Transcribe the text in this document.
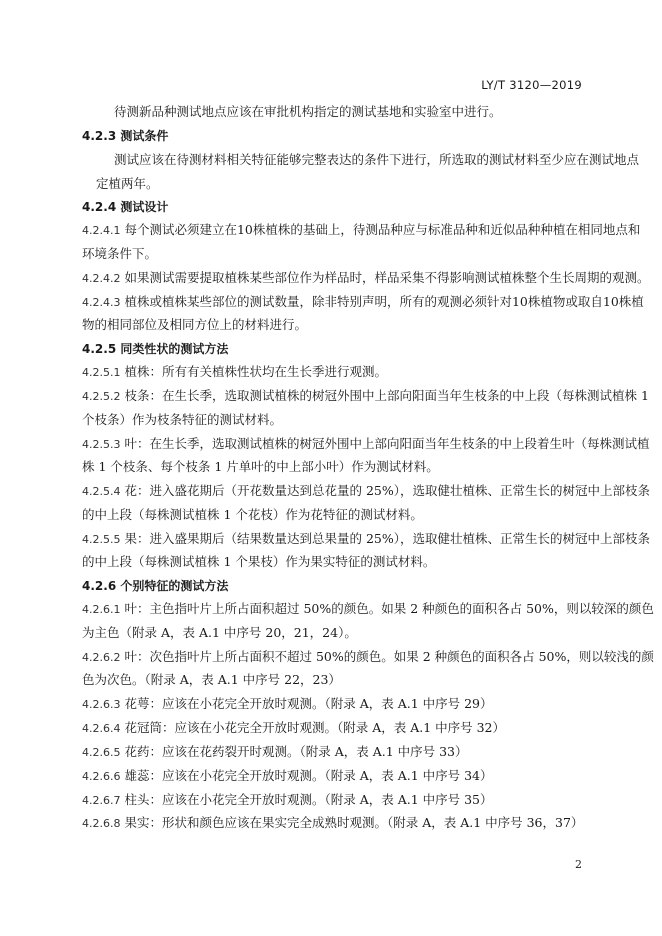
LY/T 3120—2019
待测新品种测试地点应该在审批机构指定的测试基地和实验室中进行。
4.2.3 测试条件
测试应该在待测材料相关特征能够完整表达的条件下进行，所选取的测试材料至少应在测试地点
定植两年。
4.2.4 测试设计
4.2.4.1 每个测试必须建立在10株植株的基础上，待测品种应与标准品种和近似品种种植在相同地点和
环境条件下。
4.2.4.2 如果测试需要提取植株某些部位作为样品时，样品采集不得影响测试植株整个生长周期的观测。
4.2.4.3 植株或植株某些部位的测试数量，除非特别声明，所有的观测必须针对10株植物或取自10株植
物的相同部位及相同方位上的材料进行。
4.2.5 同类性状的测试方法
4.2.5.1 植株：所有有关植株性状均在生长季进行观测。
4.2.5.2 枝条：在生长季，选取测试植株的树冠外围中上部向阳面当年生枝条的中上段（每株测试植株 1
个枝条）作为枝条特征的测试材料。
4.2.5.3 叶：在生长季，选取测试植株的树冠外围中上部向阳面当年生枝条的中上段着生叶（每株测试植
株 1 个枝条、每个枝条 1 片单叶的中上部小叶）作为测试材料。
4.2.5.4 花：进入盛花期后（开花数量达到总花量的 25%），选取健壮植株、正常生长的树冠中上部枝条
的中上段（每株测试植株 1 个花枝）作为花特征的测试材料。
4.2.5.5 果：进入盛果期后（结果数量达到总果量的 25%），选取健壮植株、正常生长的树冠中上部枝条
的中上段（每株测试植株 1 个果枝）作为果实特征的测试材料。
4.2.6 个别特征的测试方法
4.2.6.1 叶：主色指叶片上所占面积超过 50%的颜色。如果 2 种颜色的面积各占 50%，则以较深的颜色
为主色（附录 A，表 A.1 中序号 20，21，24）。
4.2.6.2 叶：次色指叶片上所占面积不超过 50%的颜色。如果 2 种颜色的面积各占 50%，则以较浅的颜
色为次色。（附录 A，表 A.1 中序号 22，23）
4.2.6.3 花萼：应该在小花完全开放时观测。（附录 A，表 A.1 中序号 29）
4.2.6.4 花冠筒：应该在小花完全开放时观测。（附录 A，表 A.1 中序号 32）
4.2.6.5 花药：应该在花药裂开时观测。（附录 A，表 A.1 中序号 33）
4.2.6.6 雄蕊：应该在小花完全开放时观测。（附录 A，表 A.1 中序号 34）
4.2.6.7 柱头：应该在小花完全开放时观测。（附录 A，表 A.1 中序号 35）
4.2.6.8 果实：形状和颜色应该在果实完全成熟时观测。（附录 A，表 A.1 中序号 36，37）
2
